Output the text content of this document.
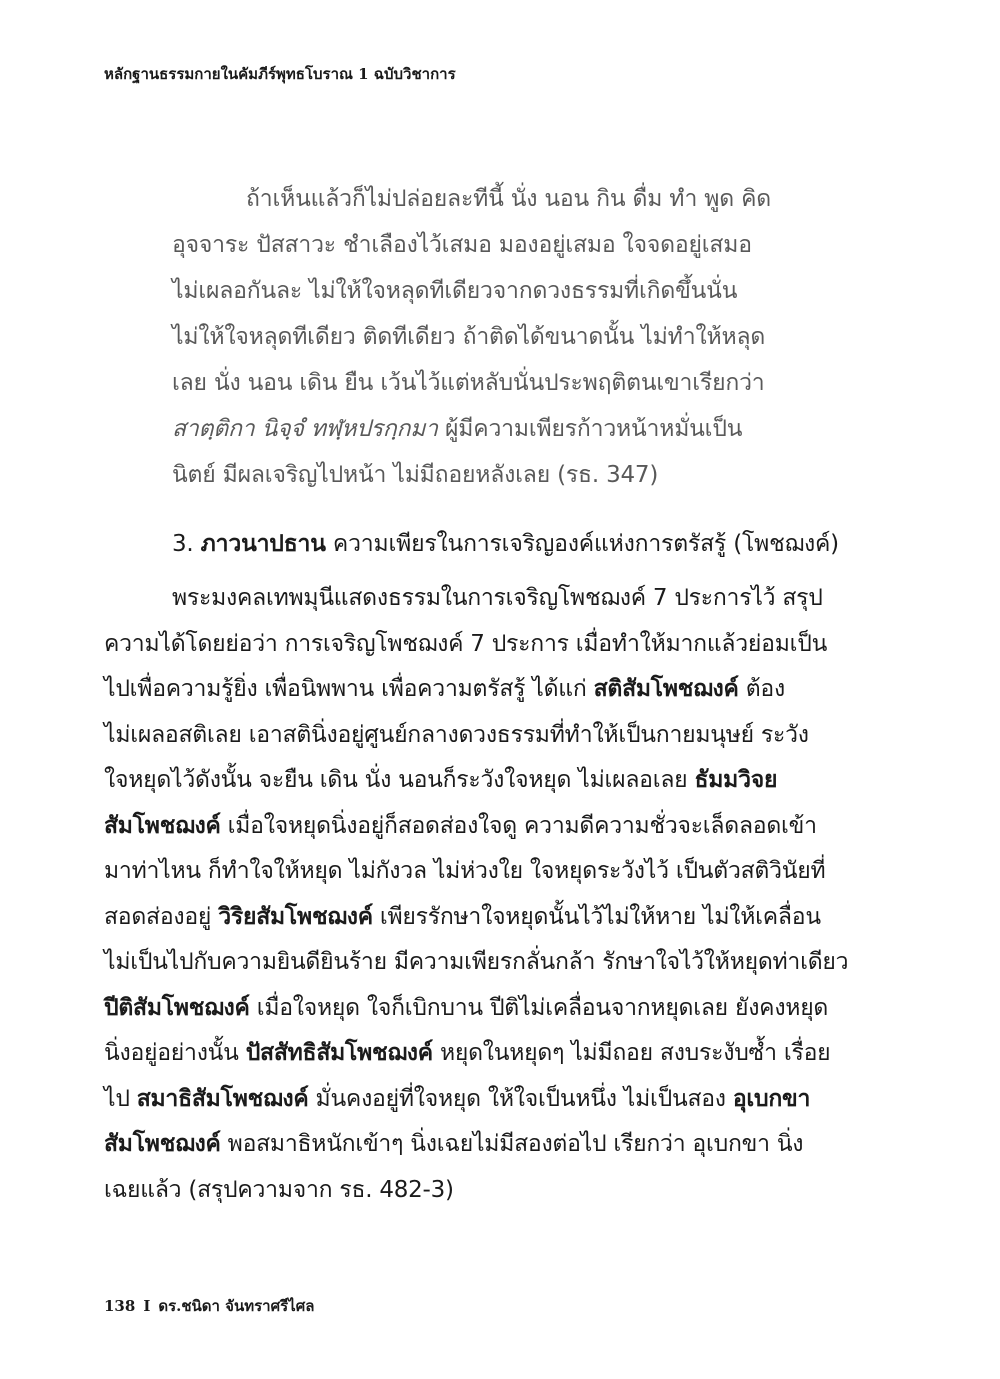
หลักฐานธรรมกายในคัมภีร์พุทธโบราณ 1 ฉบับวิชาการ
ถ้าเห็นแล้วก็ไม่ปล่อยละทีนี้ นั่ง นอน กิน ดื่ม ทำ พูด คิด
อุจจาระ ปัสสาวะ ชำเลืองไว้เสมอ มองอยู่เสมอ ใจจดอยู่เสมอ
ไม่เผลอกันละ ไม่ให้ใจหลุดทีเดียวจากดวงธรรมที่เกิดขึ้นนั่น
ไม่ให้ใจหลุดทีเดียว ติดทีเดียว ถ้าติดได้ขนาดนั้น ไม่ทำให้หลุด
เลย นั่ง นอน เดิน ยืน เว้นไว้แต่หลับนั่นประพฤติตนเขาเรียกว่า
สาตฺติกา นิจฺจํ ทฬฺหปรกฺกมา ผู้มีความเพียรก้าวหน้าหมั่นเป็น
นิตย์ มีผลเจริญไปหน้า ไม่มีถอยหลังเลย (รธ. 347)
3. ภาวนาปธาน ความเพียรในการเจริญองค์แห่งการตรัสรู้ (โพชฌงค์)
พระมงคลเทพมุนีแสดงธรรมในการเจริญโพชฌงค์ 7 ประการไว้ สรุป
ความได้โดยย่อว่า การเจริญโพชฌงค์ 7 ประการ เมื่อทำให้มากแล้วย่อมเป็น
ไปเพื่อความรู้ยิ่ง เพื่อนิพพาน เพื่อความตรัสรู้ ได้แก่ สติสัมโพชฌงค์ ต้อง
ไม่เผลอสติเลย เอาสตินิ่งอยู่ศูนย์กลางดวงธรรมที่ทำให้เป็นกายมนุษย์ ระวัง
ใจหยุดไว้ดังนั้น จะยืน เดิน นั่ง นอนก็ระวังใจหยุด ไม่เผลอเลย ธัมมวิจย
สัมโพชฌงค์ เมื่อใจหยุดนิ่งอยู่ก็สอดส่องใจดู ความดีความชั่วจะเล็ดลอดเข้า
มาท่าไหน ก็ทำใจให้หยุด ไม่กังวล ไม่ห่วงใย ใจหยุดระวังไว้ เป็นตัวสติวินัยที่
สอดส่องอยู่ วิริยสัมโพชฌงค์ เพียรรักษาใจหยุดนั้นไว้ไม่ให้หาย ไม่ให้เคลื่อน
ไม่เป็นไปกับความยินดียินร้าย มีความเพียรกลั่นกล้า รักษาใจไว้ให้หยุดท่าเดียว
ปีติสัมโพชฌงค์ เมื่อใจหยุด ใจก็เบิกบาน ปีติไม่เคลื่อนจากหยุดเลย ยังคงหยุด
นิ่งอยู่อย่างนั้น ปัสสัทธิสัมโพชฌงค์ หยุดในหยุดๆ ไม่มีถอย สงบระงับซ้ำ เรื่อย
ไป สมาธิสัมโพชฌงค์ มั่นคงอยู่ที่ใจหยุด ให้ใจเป็นหนึ่ง ไม่เป็นสอง อุเบกขา
สัมโพชฌงค์ พอสมาธิหนักเข้าๆ นิ่งเฉยไม่มีสองต่อไป เรียกว่า อุเบกขา นิ่ง
เฉยแล้ว (สรุปความจาก รธ. 482-3)
138 I ดร.ชนิดา จันทราศรีไศล
